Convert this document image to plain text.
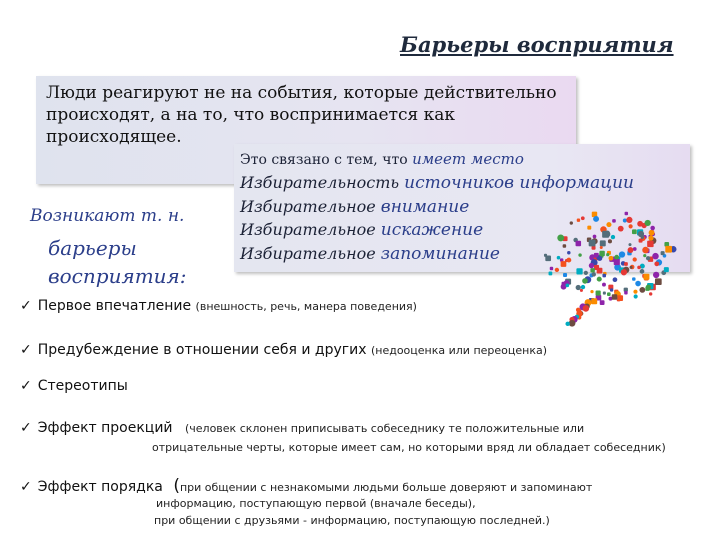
Барьеры восприятия
Люди реагируют не на события, которые действительно происходят, а на то, что воспринимается как происходящее.
Это связано с тем, что имеет место
Избирательность источников информации
Избирательное внимание
Избирательное искажение
Избирательное запоминание
Возникают т. н.
барьеры
восприятия:
✓ Первое впечатление (внешность, речь, манера поведения)
✓ Предубеждение в отношении себя и других (недооценка или переоценка)
✓ Стереотипы
✓ Эффект проекций (человек склонен приписывать собеседнику те положительные или
отрицательные черты, которые имеет сам, но которыми вряд ли обладает собеседник)
✓ Эффект порядка (при общении с незнакомыми людьми больше доверяют и запоминают
информацию, поступающую первой (вначале беседы),
при общении с друзьями - информацию, поступающую последней.)
